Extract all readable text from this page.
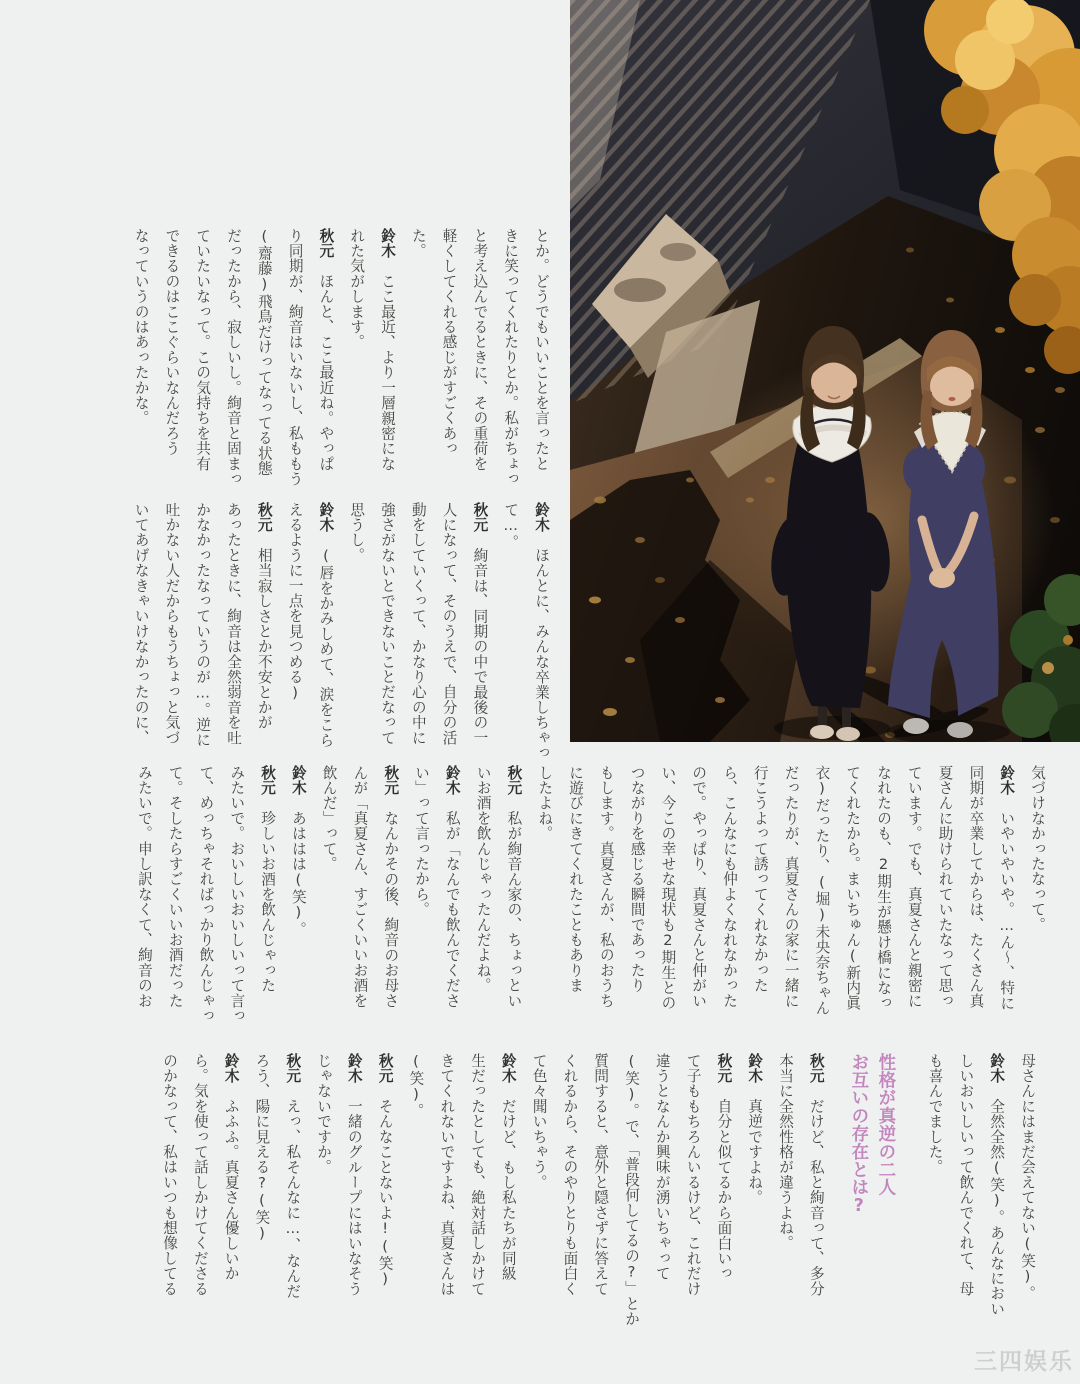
とか。どうでもいいことを言ったと

きに笑ってくれたりとか。私がちょっ

と考え込んでるときに、その重荷を

軽くしてくれる感じがすごくあっ

た。

鈴木　ここ最近、より一層親密にな

れた気がします。

秋元　ほんと、ここ最近ね。やっぱ

り同期が、絢音はいないし、私ももう

(齋藤)飛鳥だけってなってる状態

だったから、寂しいし。絢音と固まっ

ていたいなって。この気持ちを共有

できるのはここぐらいなんだろう

なっていうのはあったかな。

鈴木　ほんとに、みんな卒業しちゃっ

て…。

秋元　絢音は、同期の中で最後の一

人になって、そのうえで、自分の活

動をしていくって、かなり心の中に

強さがないとできないことだなって

思うし。

鈴木　(唇をかみしめて、涙をこら

えるように一点を見つめる)

秋元　相当寂しさとか不安とかが

あったときに、絢音は全然弱音を吐

かなかったなっていうのが…。逆に

吐かない人だからもうちょっと気づ

いてあげなきゃいけなかったのに、

気づけなかったなって。

鈴木　いやいやいや。…ん〜、特に

同期が卒業してからは、たくさん真

夏さんに助けられていたなって思っ

ています。でも、真夏さんと親密に

なれたのも、2期生が懸け橋になっ

てくれたから。まいちゅん(新内眞

衣)だったり、(堀)未央奈ちゃん

だったりが、真夏さんの家に一緒に

行こうよって誘ってくれなかった

ら、こんなにも仲よくなれなかった

ので。やっぱり、真夏さんと仲がい

い、今この幸せな現状も2期生との

つながりを感じる瞬間であったり

もします。真夏さんが、私のおうち

に遊びにきてくれたこともありま

したよね。

秋元　私が絢音ん家の、ちょっとい

いお酒を飲んじゃったんだよね。

鈴木　私が「なんでも飲んでくださ

い」って言ったから。

秋元　なんかその後、絢音のお母さ

んが「真夏さん、すごくいいお酒を

飲んだ」って。

鈴木　あははは(笑)。

秋元　珍しいお酒を飲んじゃった

みたいで。おいしいおいしいって言っ

て、めっちゃそればっかり飲んじゃっ

て。そしたらすごくいいお酒だった

みたいで。申し訳なくて、絢音のお

母さんにはまだ会えてない(笑)。

鈴木　全然全然(笑)。あんなにおい

しいおいしいって飲んでくれて、母

も喜んでました。

性格が真逆の二人

お互いの存在とは?

秋元　だけど、私と絢音って、多分

本当に全然性格が違うよね。

鈴木　真逆ですよね。

秋元　自分と似てるから面白いっ

て子ももちろんいるけど、これだけ

違うとなんか興味が湧いちゃって

(笑)。で、「普段何してるの?」とか

質問すると、意外と隠さずに答えて

くれるから、そのやりとりも面白く

て色々聞いちゃう。

鈴木　だけど、もし私たちが同級

生だったとしても、絶対話しかけて

きてくれないですよね、真夏さんは

(笑)。

秋元　そんなことないよ!(笑)

鈴木　一緒のグループにはいなそう

じゃないですか。

秋元　えっ、私そんなに…、なんだ

ろう、陽に見える?(笑)

鈴木　ふふふ。真夏さん優しいか

ら。気を使って話しかけてくださる

のかなって、私はいつも想像してる

三四娱乐
